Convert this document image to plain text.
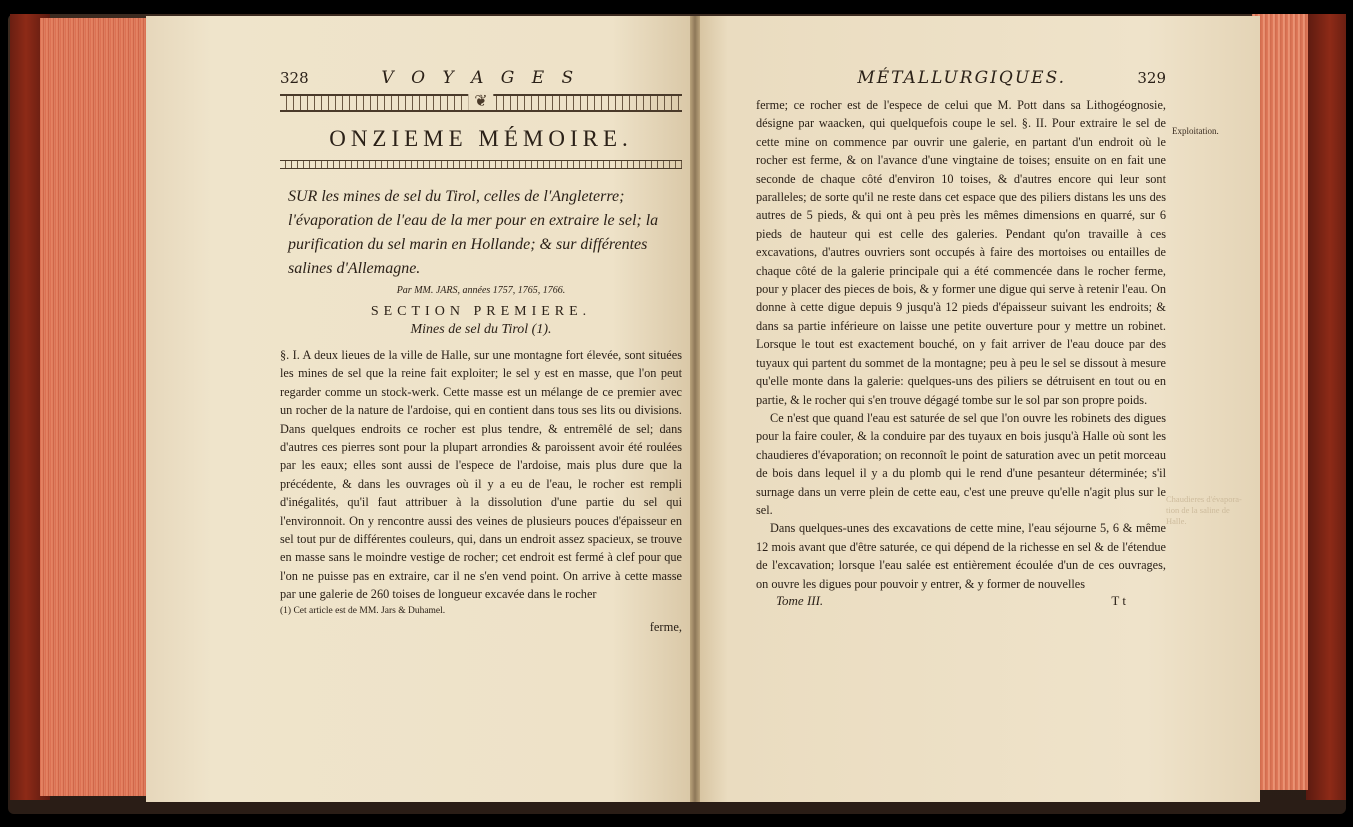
328	V O Y A G E S
❦
ONZIEME MÉMOIRE.

SUR les mines de sel du Tirol, celles de l'Angleterre; l'évaporation de l'eau de la mer pour en extraire le sel; la purification du sel marin en Hollande; & sur différentes salines d'Allemagne.

Par MM. JARS, années 1757, 1765, 1766.
SECTION PREMIERE.
Mines de sel du Tirol (1).

§. I. A deux lieues de la ville de Halle, sur une montagne fort élevée, sont situées les mines de sel que la reine fait exploiter; le sel y est en masse, que l'on peut regarder comme un stock-werk. Cette masse est un mélange de ce premier avec un rocher de la nature de l'ardoise, qui en contient dans tous ses lits ou divisions. Dans quelques endroits ce rocher est plus tendre, & entremêlé de sel; dans d'autres ces pierres sont pour la plupart arrondies & paroissent avoir été roulées par les eaux; elles sont aussi de l'espece de l'ardoise, mais plus dure que la précédente, & dans les ouvrages où il y a eu de l'eau, le rocher est rempli d'inégalités, qu'il faut attribuer à la dissolution d'une partie du sel qui l'environnoit. On y rencontre aussi des veines de plusieurs pouces d'épaisseur en sel tout pur de différentes couleurs, qui, dans un endroit assez spacieux, se trouve en masse sans le moindre vestige de rocher; cet endroit est fermé à clef pour que l'on ne puisse pas en extraire, car il ne s'en vend point. On arrive à cette masse par une galerie de 260 toises de longueur excavée dans le rocher

(1) Cet article est de MM. Jars & Duhamel.
ferme,
MÉTALLURGIQUES.	329

ferme; ce rocher est de l'espece de celui que M. Pott dans sa Lithogéognosie, désigne par waacken, qui quelquefois coupe le sel. §. II. Pour extraire le sel de cette mine on commence par ouvrir une galerie, en partant d'un endroit où le rocher est ferme, & on l'avance d'une vingtaine de toises; ensuite on en fait une seconde de chaque côté d'environ 10 toises, & d'autres encore qui leur sont paralleles; de sorte qu'il ne reste dans cet espace que des piliers distans les uns des autres de 5 pieds, & qui ont à peu près les mêmes dimensions en quarré, sur 6 pieds de hauteur qui est celle des galeries. Pendant qu'on travaille à ces excavations, d'autres ouvriers sont occupés à faire des mortoises ou entailles de chaque côté de la galerie principale qui a été commencée dans le rocher ferme, pour y placer des pieces de bois, & y former une digue qui serve à retenir l'eau. On donne à cette digue depuis 9 jusqu'à 12 pieds d'épaisseur suivant les endroits; & dans sa partie inférieure on laisse une petite ouverture pour y mettre un robinet. Lorsque le tout est exactement bouché, on y fait arriver de l'eau douce par des tuyaux qui partent du sommet de la montagne; peu à peu le sel se dissout à mesure qu'elle monte dans la galerie: quelques-uns des piliers se détruisent en tout ou en partie, & le rocher qui s'en trouve dégagé tombe sur le sol par son propre poids.

Ce n'est que quand l'eau est saturée de sel que l'on ouvre les robinets des digues pour la faire couler, & la conduire par des tuyaux en bois jusqu'à Halle où sont les chaudieres d'évaporation; on reconnoît le point de saturation avec un petit morceau de bois dans lequel il y a du plomb qui le rend d'une pesanteur déterminée; s'il surnage dans un verre plein de cette eau, c'est une preuve qu'elle n'agit plus sur le sel.

Dans quelques-unes des excavations de cette mine, l'eau séjourne 5, 6 & même 12 mois avant que d'être saturée, ce qui dépend de la richesse en sel & de l'étendue de l'excavation; lorsque l'eau salée est entièrement écoulée d'un de ces ouvrages, on ouvre les digues pour pouvoir y entrer, & y former de nouvelles

Tome III.	T t
Exploitation.
Chaudieres d'évapora-tion de la saline de Halle.
